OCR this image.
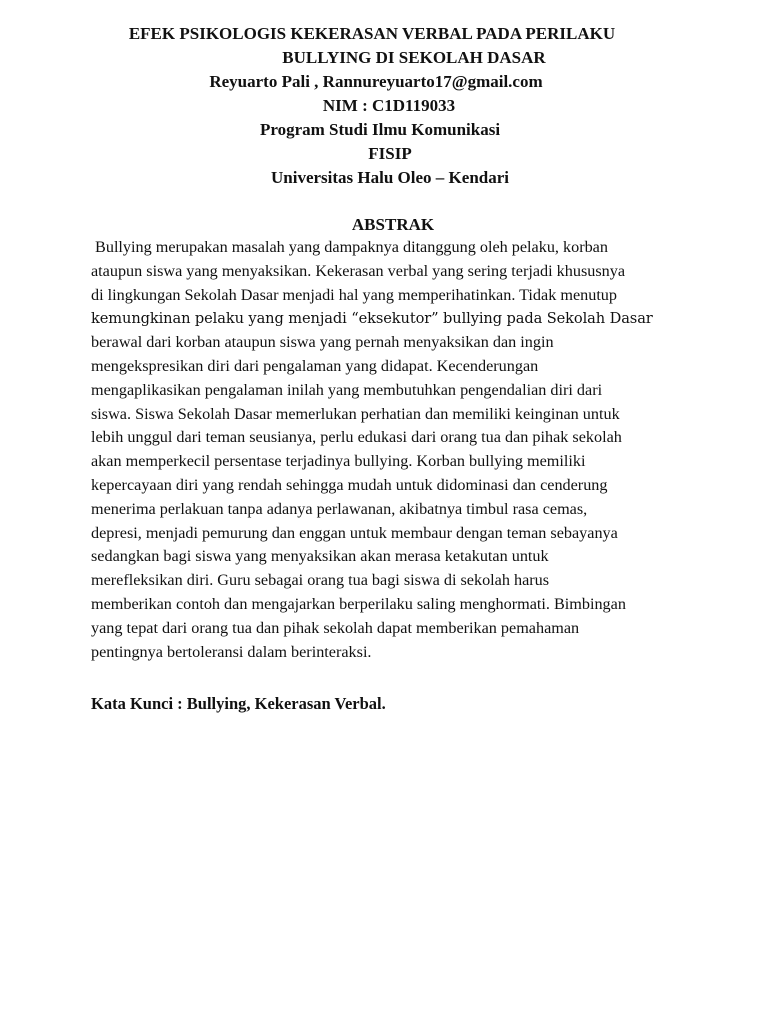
EFEK PSIKOLOGIS KEKERASAN VERBAL PADA PERILAKU
BULLYING DI SEKOLAH DASAR
Reyuarto Pali , Rannureyuarto17@gmail.com
NIM : C1D119033
Program Studi Ilmu Komunikasi
FISIP
Universitas Halu Oleo – Kendari
ABSTRAK
Bullying merupakan masalah yang dampaknya ditanggung oleh pelaku, korban
ataupun siswa yang menyaksikan. Kekerasan verbal yang sering terjadi khususnya
di lingkungan Sekolah Dasar menjadi hal yang memperihatinkan. Tidak menutup
kemungkinan pelaku yang menjadi “eksekutor” bullying pada Sekolah Dasar
berawal dari korban ataupun siswa yang pernah menyaksikan dan ingin
mengekspresikan diri dari pengalaman yang didapat. Kecenderungan
mengaplikasikan pengalaman inilah yang membutuhkan pengendalian diri dari
siswa. Siswa Sekolah Dasar memerlukan perhatian dan memiliki keinginan untuk
lebih unggul dari teman seusianya, perlu edukasi dari orang tua dan pihak sekolah
akan memperkecil persentase terjadinya bullying. Korban bullying memiliki
kepercayaan diri yang rendah sehingga mudah untuk didominasi dan cenderung
menerima perlakuan tanpa adanya perlawanan, akibatnya timbul rasa cemas,
depresi, menjadi pemurung dan enggan untuk membaur dengan teman sebayanya
sedangkan bagi siswa yang menyaksikan akan merasa ketakutan untuk
merefleksikan diri. Guru sebagai orang tua bagi siswa di sekolah harus
memberikan contoh dan mengajarkan berperilaku saling menghormati. Bimbingan
yang tepat dari orang tua dan pihak sekolah dapat memberikan pemahaman
pentingnya bertoleransi dalam berinteraksi.
Kata Kunci : Bullying, Kekerasan Verbal.
